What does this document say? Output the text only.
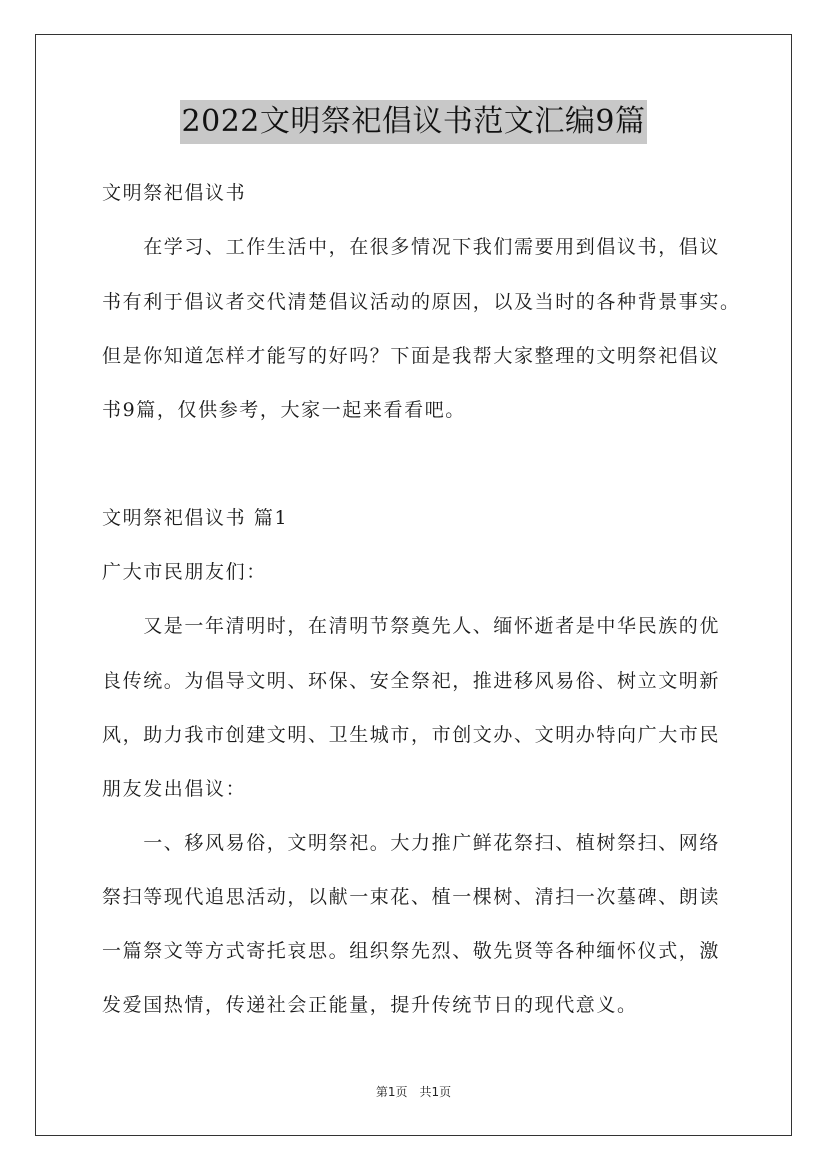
2022文明祭祀倡议书范文汇编9篇
文明祭祀倡议书
　　在学习、工作生活中，在很多情况下我们需要用到倡议书，倡议
书有利于倡议者交代清楚倡议活动的原因，以及当时的各种背景事实。
但是你知道怎样才能写的好吗？下面是我帮大家整理的文明祭祀倡议
书9篇，仅供参考，大家一起来看看吧。
文明祭祀倡议书 篇1
广大市民朋友们：
　　又是一年清明时，在清明节祭奠先人、缅怀逝者是中华民族的优
良传统。为倡导文明、环保、安全祭祀，推进移风易俗、树立文明新
风，助力我市创建文明、卫生城市，市创文办、文明办特向广大市民
朋友发出倡议：
　　一、移风易俗，文明祭祀。大力推广鲜花祭扫、植树祭扫、网络
祭扫等现代追思活动，以献一束花、植一棵树、清扫一次墓碑、朗读
一篇祭文等方式寄托哀思。组织祭先烈、敬先贤等各种缅怀仪式，激
发爱国热情，传递社会正能量，提升传统节日的现代意义。
第1页　共1页
